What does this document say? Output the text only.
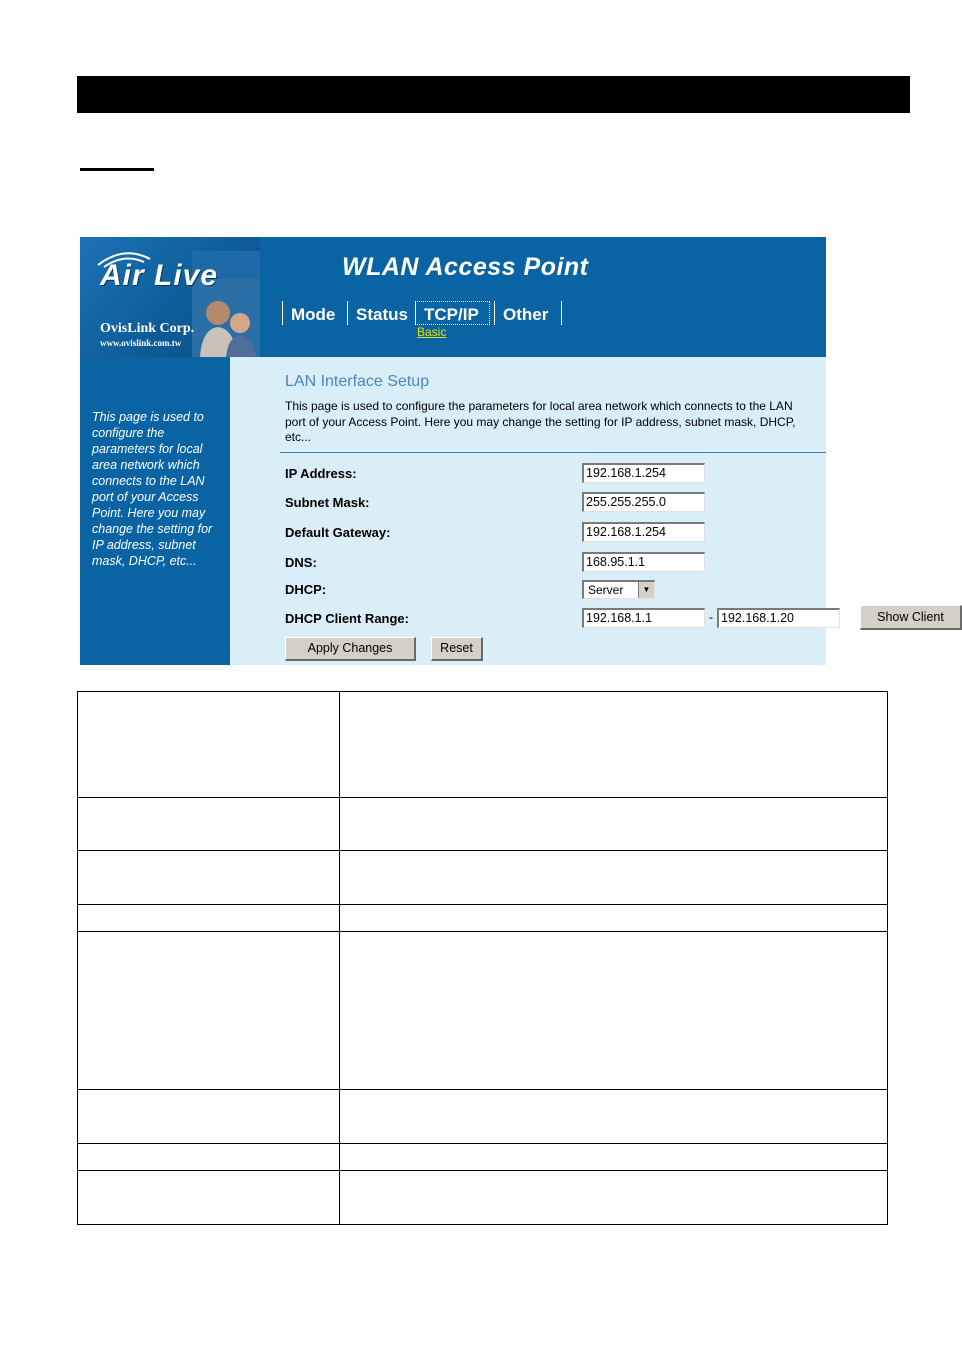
Air Live
OvisLink Corp.
www.ovislink.com.tw
WLAN Access Point
Mode	Status TCP/IP	Other
Basic
This page is used to configure the parameters for local area network which connects to the LAN port of your Access Point. Here you may change the setting for IP address, subnet mask, DHCP, etc...
LAN Interface Setup
This page is used to configure the parameters for local area network which connects to the LAN port of your Access Point. Here you may change the setting for IP address, subnet mask, DHCP, etc...
IP Address:	192.168.1.254
Subnet Mask:	255.255.255.0
Default Gateway:	192.168.1.254
DNS:	168.95.1.1
DHCP:	Server	▼
DHCP Client Range:	192.168.1.1	- 192.168.1.20	Show Client
Apply Changes	Reset
